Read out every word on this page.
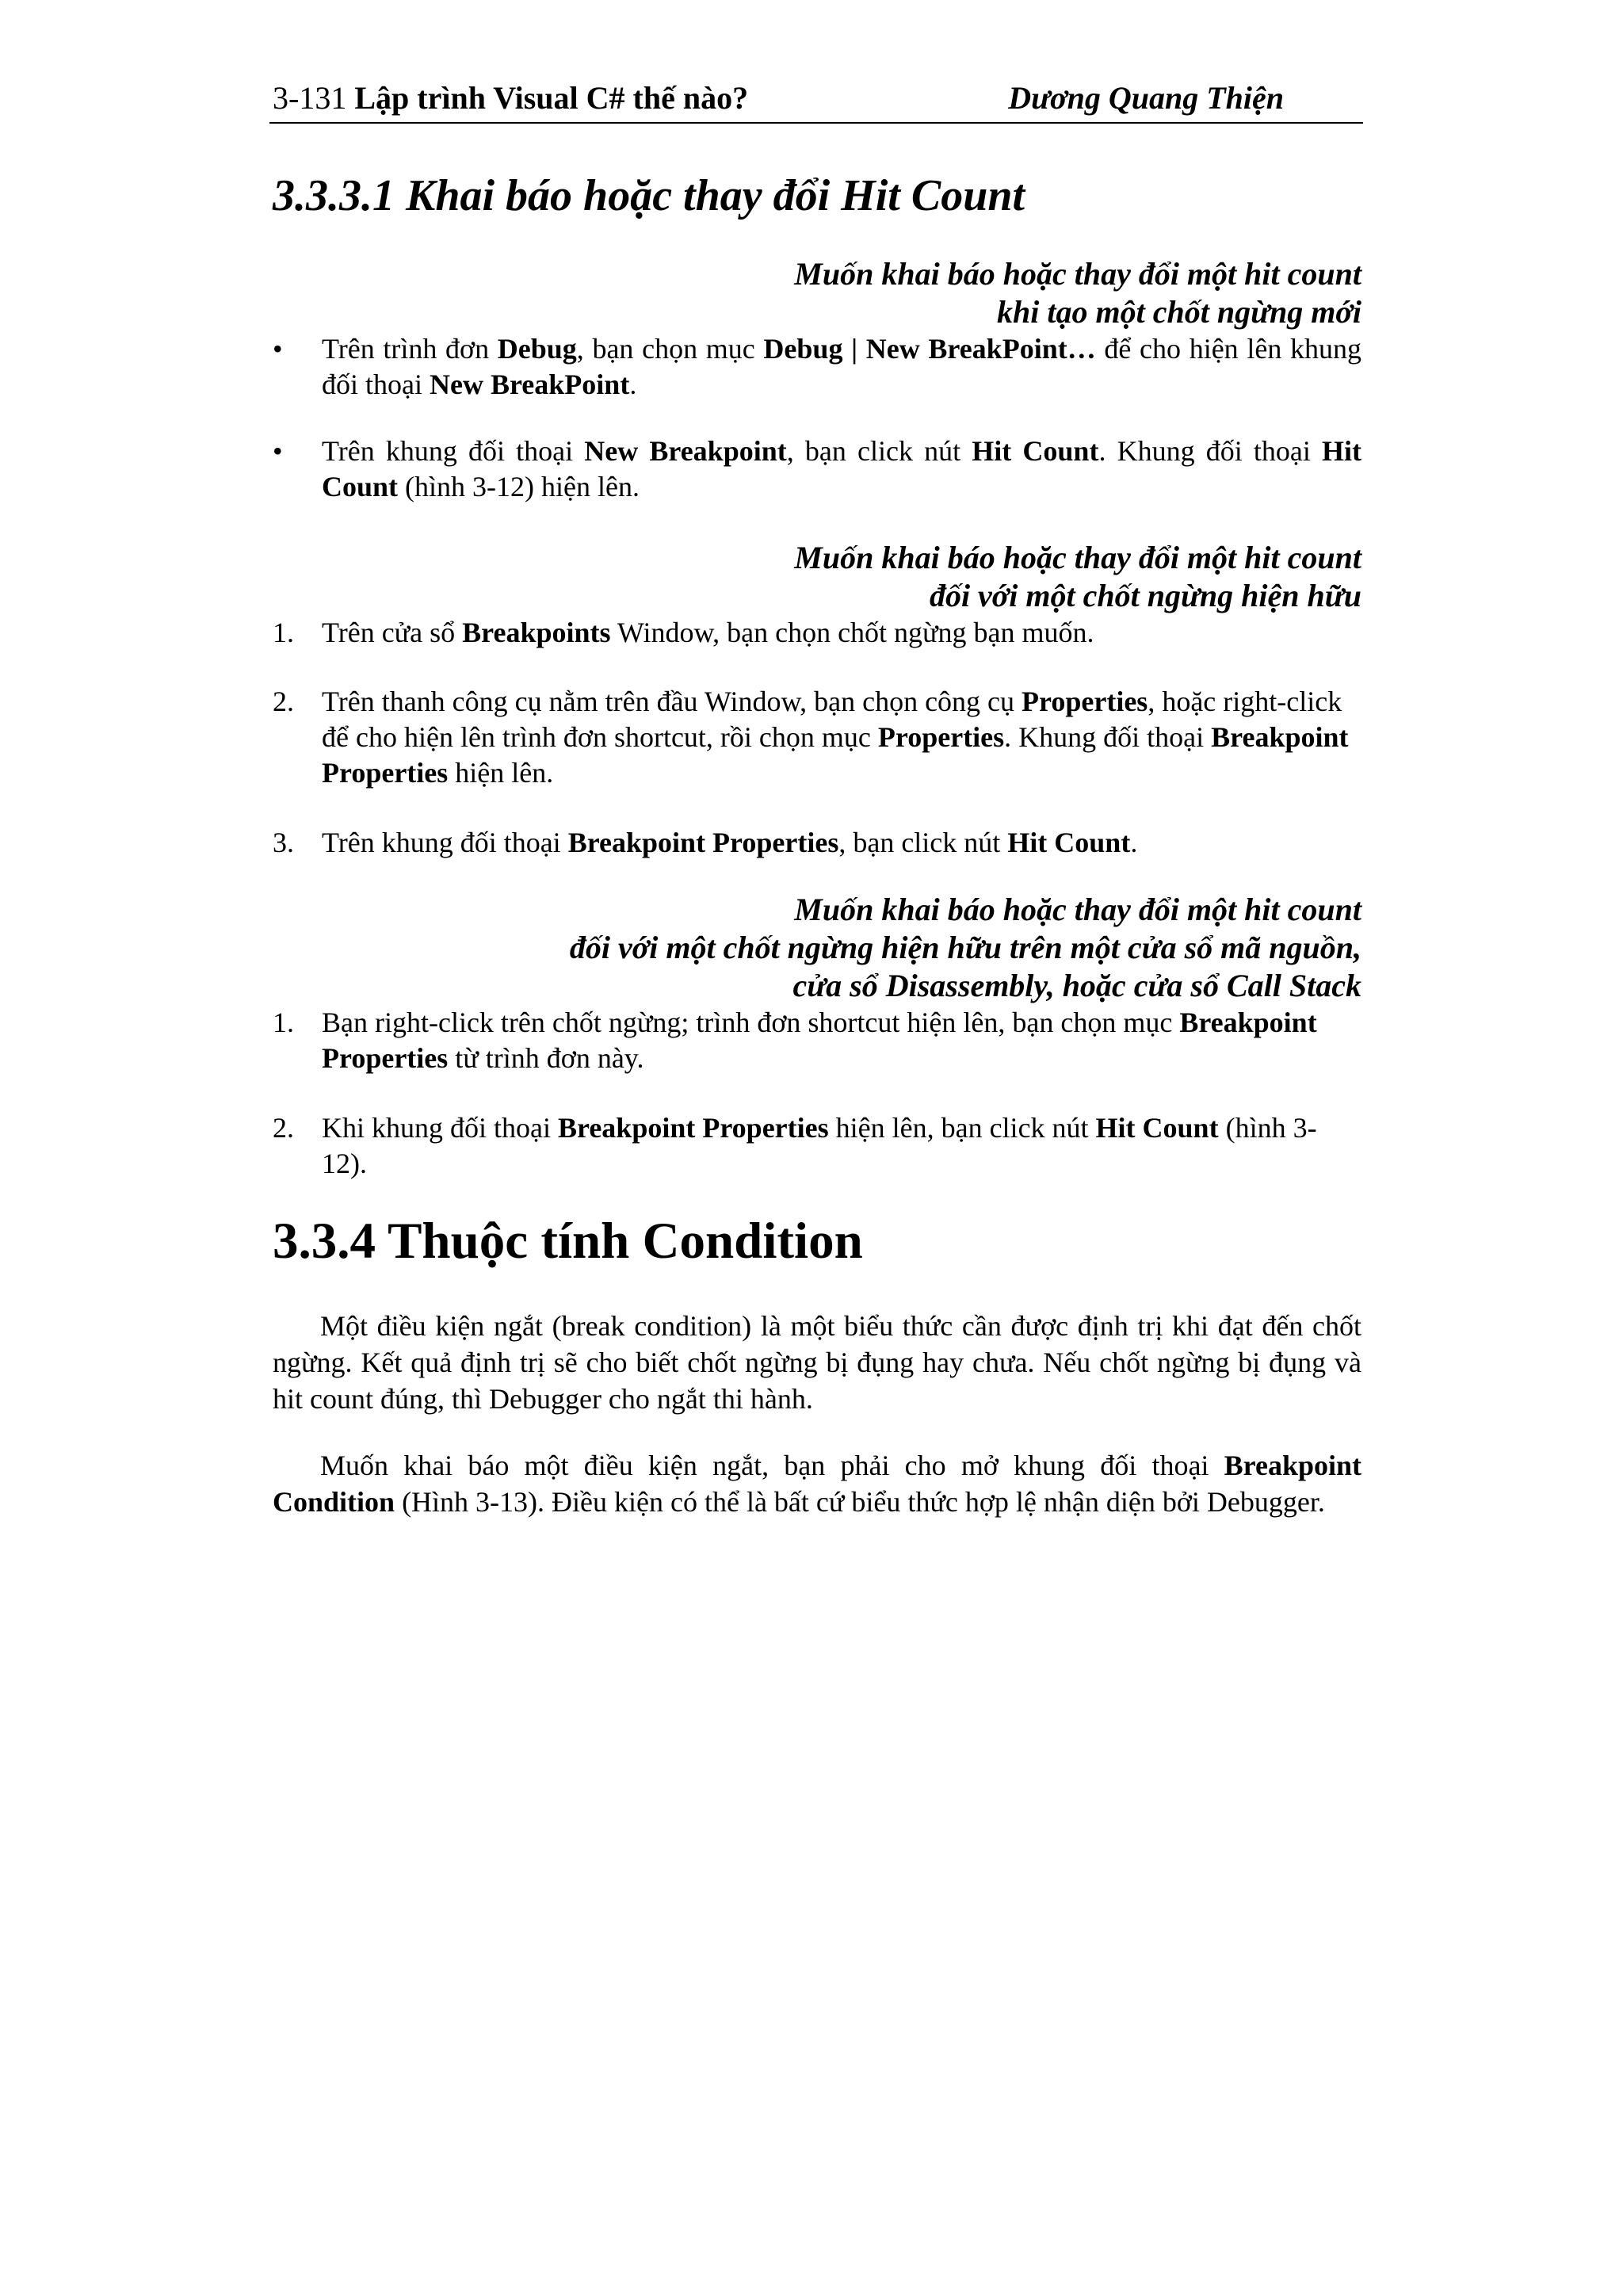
3-131 Lập trình Visual C# thế nào?	Dương Quang Thiện
3.3.3.1 Khai báo hoặc thay đổi Hit Count
Muốn khai báo hoặc thay đổi một hit count
khi tạo một chốt ngừng mới
• Trên trình đơn Debug, bạn chọn mục Debug | New BreakPoint… để cho hiện lên khung đối thoại New BreakPoint.
• Trên khung đối thoại New Breakpoint, bạn click nút Hit Count. Khung đối thoại Hit Count (hình 3-12) hiện lên.
Muốn khai báo hoặc thay đổi một hit count
đối với một chốt ngừng hiện hữu
1. Trên cửa sổ Breakpoints Window, bạn chọn chốt ngừng bạn muốn.
2. Trên thanh công cụ nằm trên đầu Window, bạn chọn công cụ Properties, hoặc right-click để cho hiện lên trình đơn shortcut, rồi chọn mục Properties. Khung đối thoại Breakpoint Properties hiện lên.
3. Trên khung đối thoại Breakpoint Properties, bạn click nút Hit Count.
Muốn khai báo hoặc thay đổi một hit count
đối với một chốt ngừng hiện hữu trên một cửa sổ mã nguồn,
cửa sổ Disassembly, hoặc cửa sổ Call Stack
1. Bạn right-click trên chốt ngừng; trình đơn shortcut hiện lên, bạn chọn mục Breakpoint Properties từ trình đơn này.
2. Khi khung đối thoại Breakpoint Properties hiện lên, bạn click nút Hit Count (hình 3-12).
3.3.4 Thuộc tính Condition

Một điều kiện ngắt (break condition) là một biểu thức cần được định trị khi đạt đến chốt ngừng. Kết quả định trị sẽ cho biết chốt ngừng bị đụng hay chưa. Nếu chốt ngừng bị đụng và hit count đúng, thì Debugger cho ngắt thi hành.

Muốn khai báo một điều kiện ngắt, bạn phải cho mở khung đối thoại Breakpoint Condition (Hình 3-13). Điều kiện có thể là bất cứ biểu thức hợp lệ nhận diện bởi Debugger.
